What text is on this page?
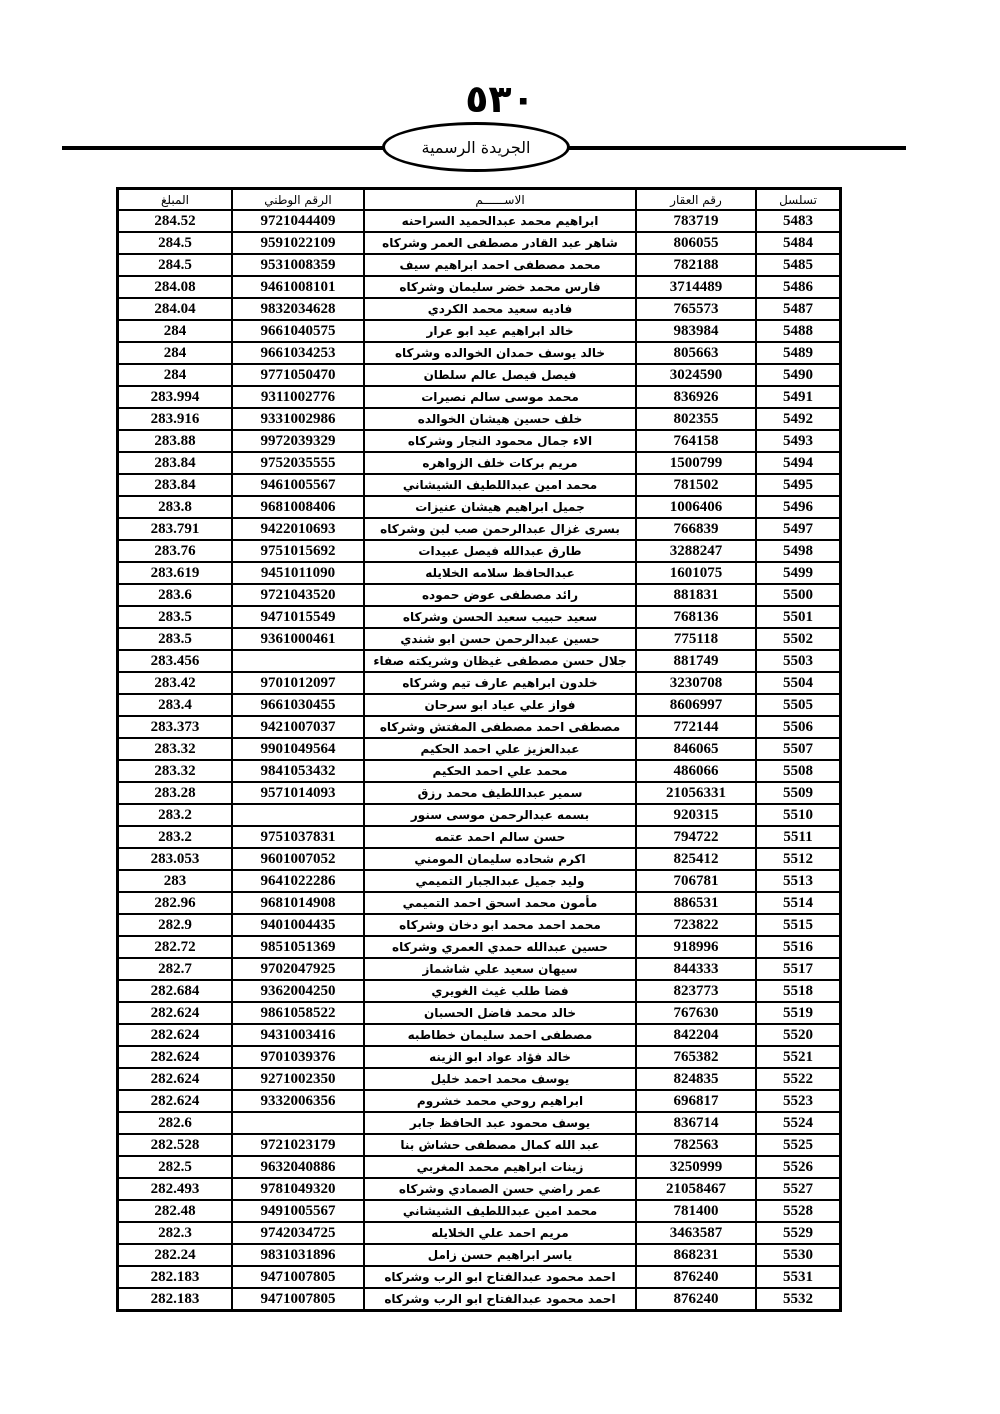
٥٣٠
الجريدة الرسمية
تسلسل	رقم العقار	الاســــــم	الرقم الوطني	المبلغ
5483	783719	ابراهيم محمد عبدالحميد السراحنه	9721044409	284.52
5484	806055	شاهر عبد القادر مصطفى العمر وشركاه	9591022109	284.5
5485	782188	محمد مصطفى احمد ابراهيم سيف	9531008359	284.5
5486	3714489	فارس محمد خضر سليمان وشركاه	9461008101	284.08
5487	765573	فاديه سعيد محمد الكردي	9832034628	284.04
5488	983984	خالد ابراهيم عيد ابو عرار	9661040575	284
5489	805663	خالد يوسف حمدان الخوالده وشركاه	9661034253	284
5490	3024590	فيصل فيصل عالم سلطان	9771050470	284
5491	836926	محمد موسى سالم نصيرات	9311002776	283.994
5492	802355	خلف حسين هيشان الخوالده	9331002986	283.916
5493	764158	الاء جمال محمود النجار وشركاه	9972039329	283.88
5494	1500799	مريم بركات خلف الزواهره	9752035555	283.84
5495	781502	محمد امين عبداللطيف الشيشاني	9461005567	283.84
5496	1006406	جميل ابراهيم هيشان عنيزات	9681008406	283.8
5497	766839	بسرى غزال عبدالرحمن صب لبن وشركاه	9422010693	283.791
5498	3288247	طارق عبدالله فيصل عبيدات	9751015692	283.76
5499	1601075	عبدالحافظ سلامه الخلايله	9451011090	283.619
5500	881831	رائد مصطفى عوض حموده	9721043520	283.6
5501	768136	سعيد حبيب سعيد الحسن وشركاه	9471015549	283.5
5502	775118	حسين عبدالرحمن حسن ابو شندي	9361000461	283.5
5503	881749	جلال حسن مصطفى غيظان وشريكته صفاء		283.456
5504	3230708	خلدون ابراهيم عارف تيم وشركاه	9701012097	283.42
5505	8606997	فواز علي عياد ابو سرحان	9661030455	283.4
5506	772144	مصطفى احمد مصطفى المفتش وشركاه	9421007037	283.373
5507	846065	عبدالعزيز علي احمد الحكيم	9901049564	283.32
5508	486066	محمد علي احمد الحكيم	9841053432	283.32
5509	21056331	سمير عبداللطيف محمد رزق	9571014093	283.28
5510	920315	بسمه عبدالرحمن موسى سنور		283.2
5511	794722	حسن سالم احمد عتمه	9751037831	283.2
5512	825412	اكرم شحاده سليمان المومني	9601007052	283.053
5513	706781	وليد جميل عبدالجبار التميمي	9641022286	283
5514	886531	مأمون محمد اسحق احمد التميمي	9681014908	282.96
5515	723822	محمد احمد محمد ابو دخان وشركاه	9401004435	282.9
5516	918996	حسين عبدالله حمدي العمري وشركاه	9851051369	282.72
5517	844333	سيهان سعيد علي شاشماز	9702047925	282.7
5518	823773	فضا طلب غيث الغويري	9362004250	282.684
5519	767630	خالد محمد فاضل الحسبان	9861058522	282.624
5520	842204	مصطفى احمد سليمان خطاطبه	9431003416	282.624
5521	765382	خالد فؤاد عواد ابو الزينه	9701039376	282.624
5522	824835	يوسف محمد احمد خليل	9271002350	282.624
5523	696817	ابراهيم روحي محمد خشروم	9332006356	282.624
5524	836714	يوسف محمود عبد الحافظ جابر		282.6
5525	782563	عبد الله كمال مصطفى حشاش بنا	9721023179	282.528
5526	3250999	زينات ابراهيم محمد المغربي	9632040886	282.5
5527	21058467	عمر راضي حسن الصمادي وشركاه	9781049320	282.493
5528	781400	محمد امين عبداللطيف الشيشاني	9491005567	282.48
5529	3463587	مريم احمد علي الخلايله	9742034725	282.3
5530	868231	ياسر ابراهيم حسن زامل	9831031896	282.24
5531	876240	احمد محمود عبدالفتاح ابو الرب وشركاه	9471007805	282.183
5532	876240	احمد محمود عبدالفتاح ابو الرب وشركاه	9471007805	282.183
